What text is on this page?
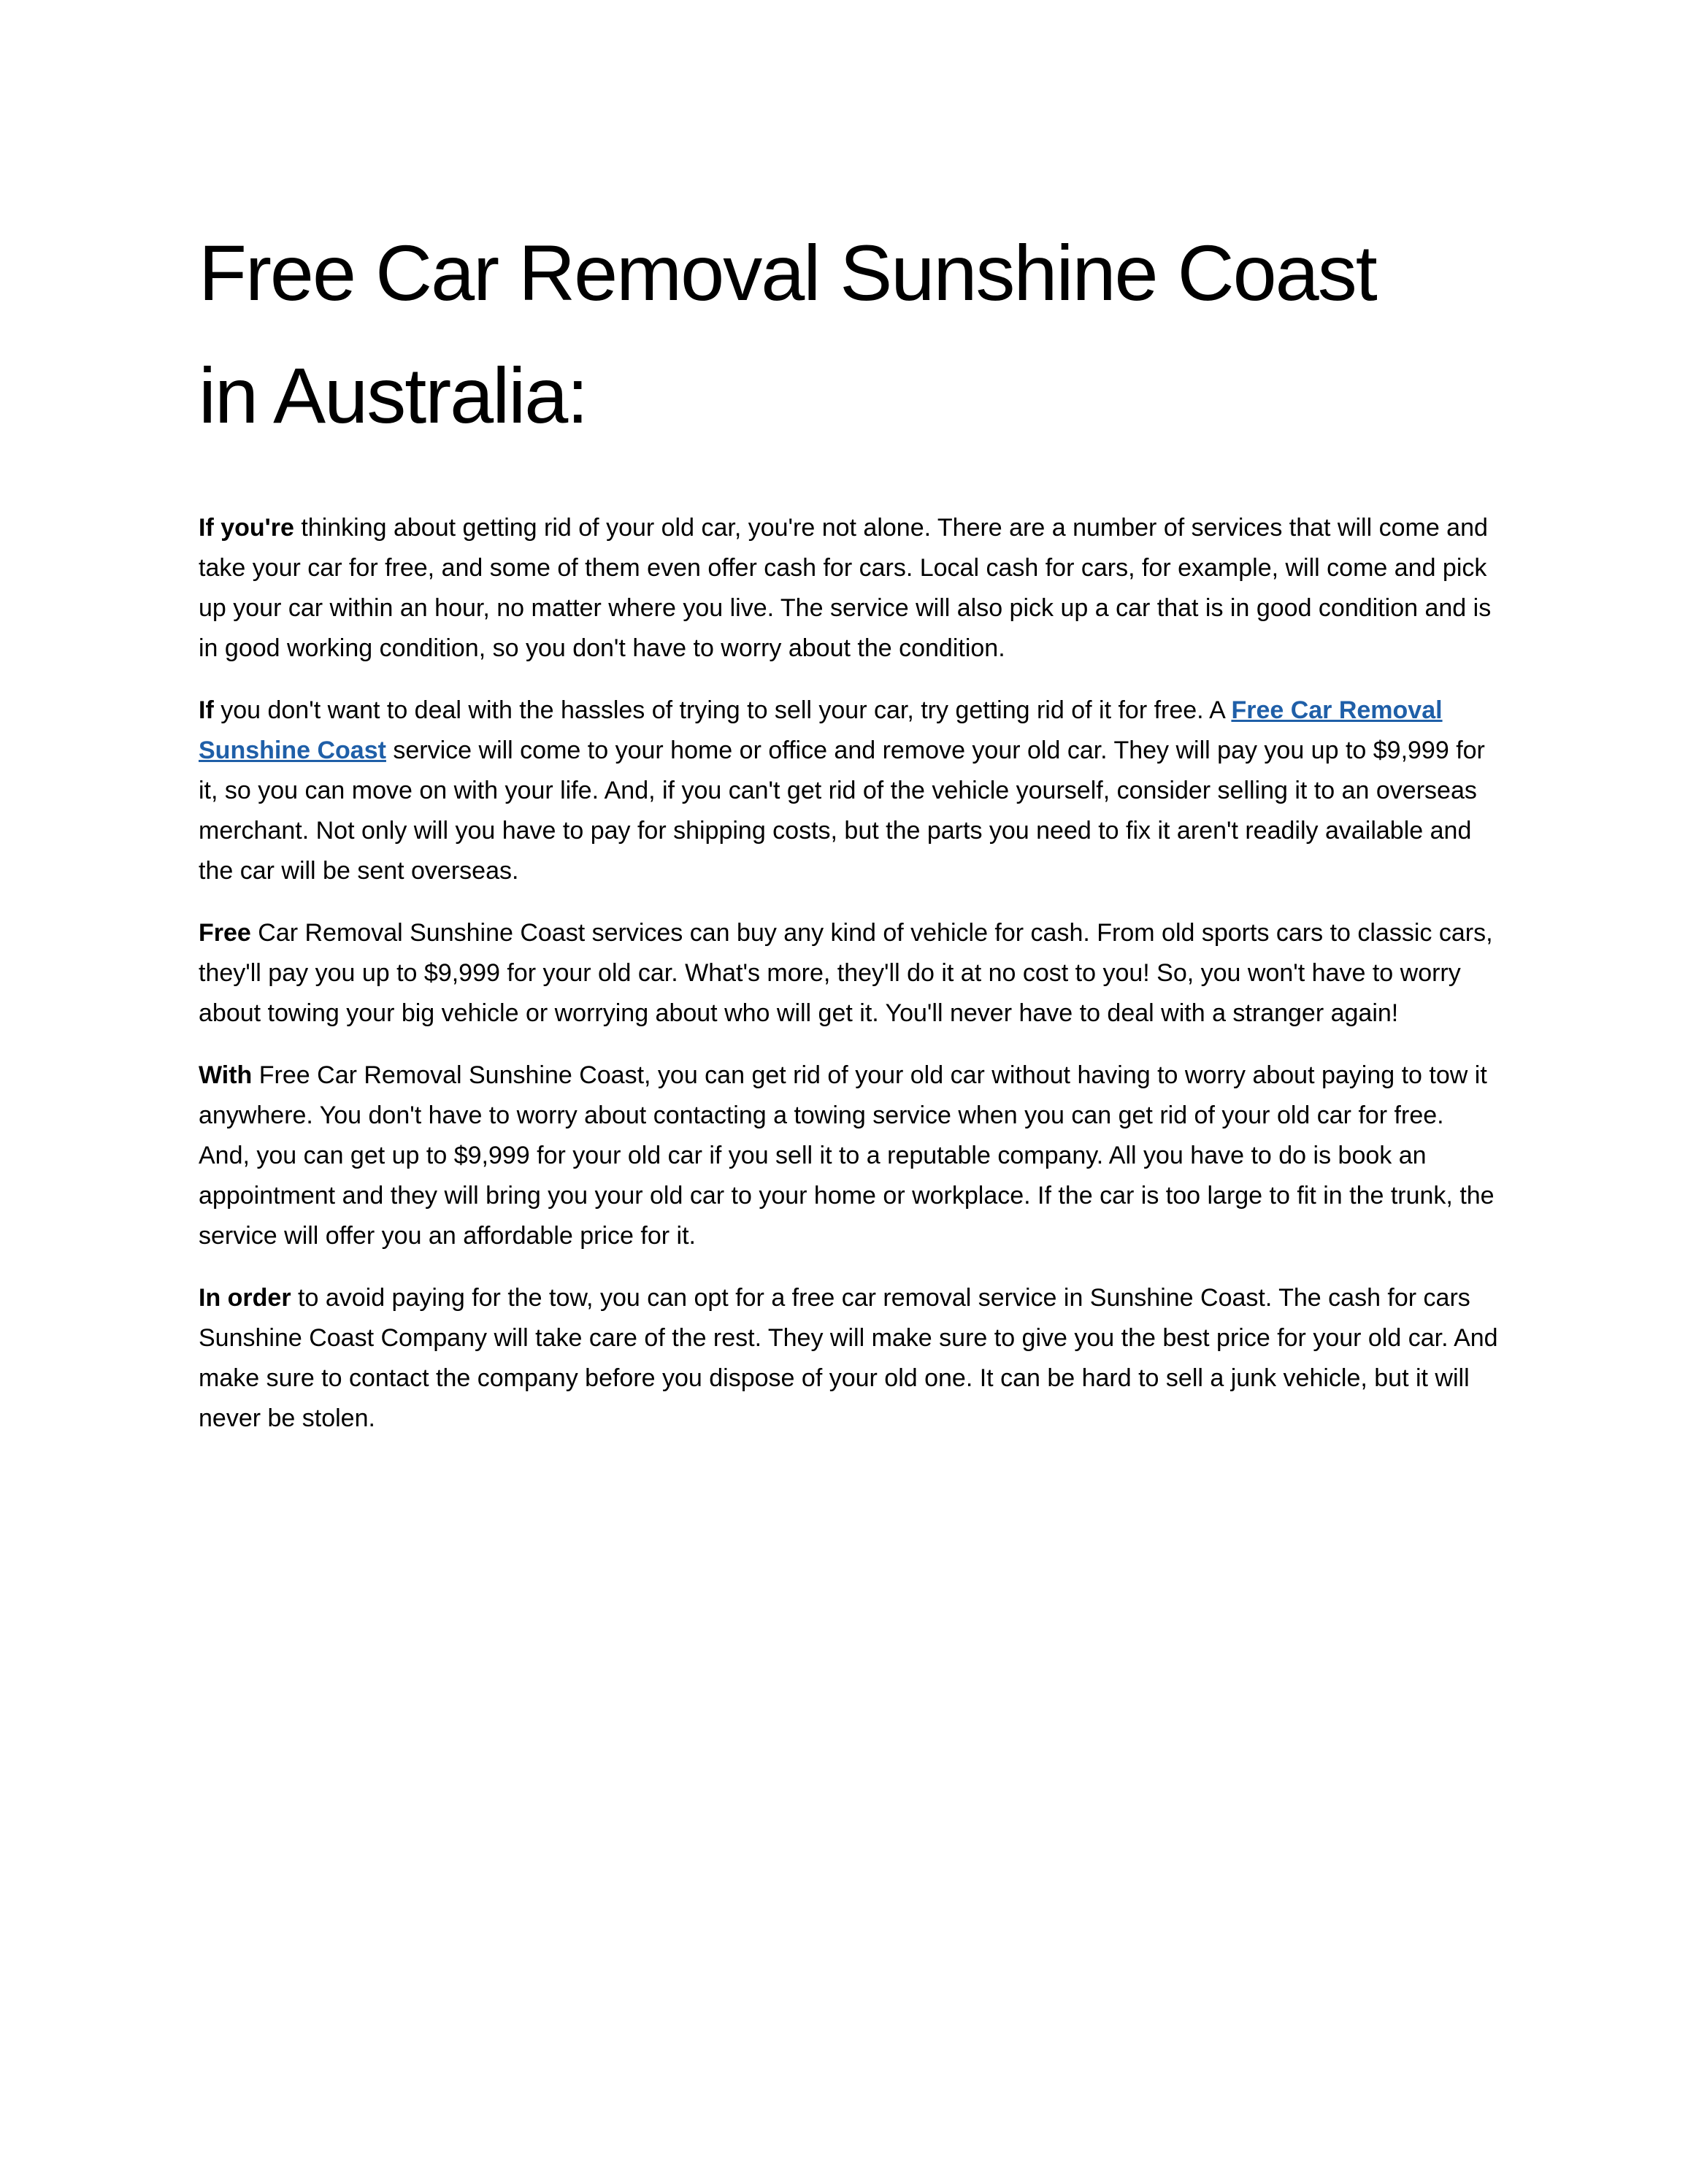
Free Car Removal Sunshine Coast
in Australia:

If you're thinking about getting rid of your old car, you're not alone. There are a number of services that will come and take your car for free, and some of them even offer cash for cars. Local cash for cars, for example, will come and pick up your car within an hour, no matter where you live. The service will also pick up a car that is in good condition and is in good working condition, so you don't have to worry about the condition.

If you don't want to deal with the hassles of trying to sell your car, try getting rid of it for free. A Free Car Removal Sunshine Coast service will come to your home or office and remove your old car. They will pay you up to $9,999 for it, so you can move on with your life. And, if you can't get rid of the vehicle yourself, consider selling it to an overseas merchant. Not only will you have to pay for shipping costs, but the parts you need to fix it aren't readily available and the car will be sent overseas.

Free Car Removal Sunshine Coast services can buy any kind of vehicle for cash. From old sports cars to classic cars, they'll pay you up to $9,999 for your old car. What's more, they'll do it at no cost to you! So, you won't have to worry about towing your big vehicle or worrying about who will get it. You'll never have to deal with a stranger again!

With Free Car Removal Sunshine Coast, you can get rid of your old car without having to worry about paying to tow it anywhere. You don't have to worry about contacting a towing service when you can get rid of your old car for free. And, you can get up to $9,999 for your old car if you sell it to a reputable company. All you have to do is book an appointment and they will bring you your old car to your home or workplace. If the car is too large to fit in the trunk, the service will offer you an affordable price for it.

In order to avoid paying for the tow, you can opt for a free car removal service in Sunshine Coast. The cash for cars Sunshine Coast Company will take care of the rest. They will make sure to give you the best price for your old car. And make sure to contact the company before you dispose of your old one. It can be hard to sell a junk vehicle, but it will never be stolen.
